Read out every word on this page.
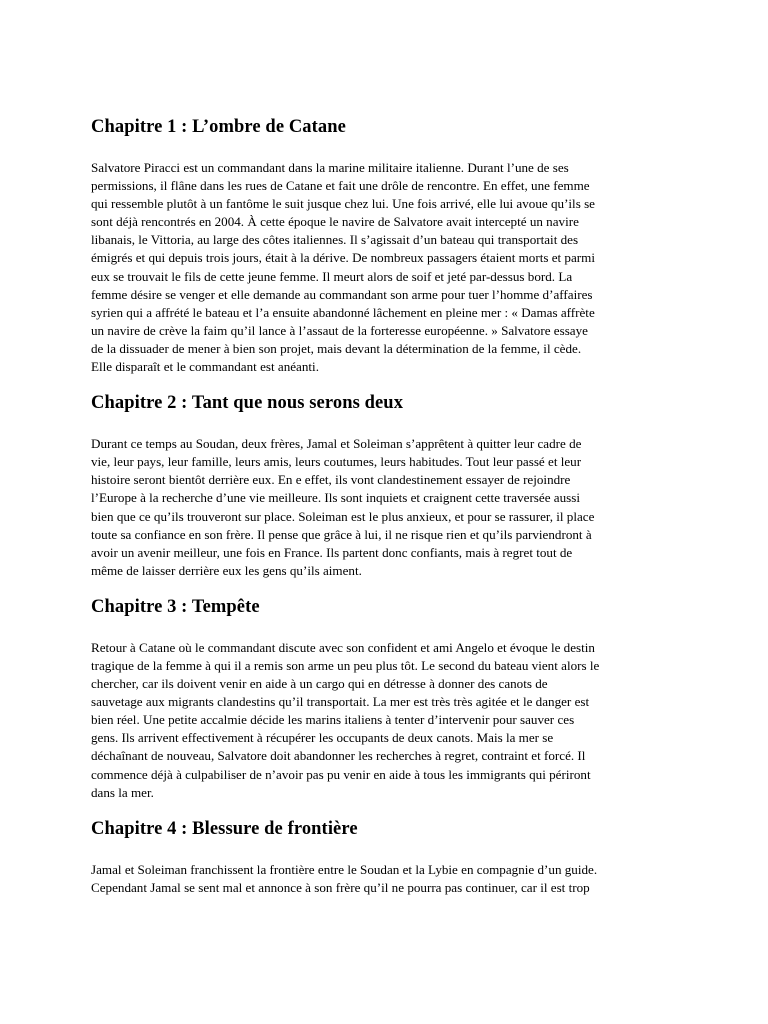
Chapitre 1 : L’ombre de Catane

Salvatore Piracci est un commandant dans la marine militaire italienne. Durant l’une de ses
permissions, il flâne dans les rues de Catane et fait une drôle de rencontre. En effet, une femme
qui ressemble plutôt à un fantôme le suit jusque chez lui. Une fois arrivé, elle lui avoue qu’ils se
sont déjà rencontrés en 2004. À cette époque le navire de Salvatore avait intercepté un navire
libanais, le Vittoria, au large des côtes italiennes. Il s’agissait d’un bateau qui transportait des
émigrés et qui depuis trois jours, était à la dérive. De nombreux passagers étaient morts et parmi
eux se trouvait le fils de cette jeune femme. Il meurt alors de soif et jeté par-dessus bord. La
femme désire se venger et elle demande au commandant son arme pour tuer l’homme d’affaires
syrien qui a affrété le bateau et l’a ensuite abandonné lâchement en pleine mer : « Damas affrète
un navire de crève la faim qu’il lance à l’assaut de la forteresse européenne. » Salvatore essaye
de la dissuader de mener à bien son projet, mais devant la détermination de la femme, il cède.
Elle disparaît et le commandant est anéanti.

Chapitre 2 : Tant que nous serons deux

Durant ce temps au Soudan, deux frères, Jamal et Soleiman s’apprêtent à quitter leur cadre de
vie, leur pays, leur famille, leurs amis, leurs coutumes, leurs habitudes. Tout leur passé et leur
histoire seront bientôt derrière eux. En e effet, ils vont clandestinement essayer de rejoindre
l’Europe à la recherche d’une vie meilleure. Ils sont inquiets et craignent cette traversée aussi
bien que ce qu’ils trouveront sur place. Soleiman est le plus anxieux, et pour se rassurer, il place
toute sa confiance en son frère. Il pense que grâce à lui, il ne risque rien et qu’ils parviendront à
avoir un avenir meilleur, une fois en France. Ils partent donc confiants, mais à regret tout de
même de laisser derrière eux les gens qu’ils aiment.

Chapitre 3 : Tempête

Retour à Catane où le commandant discute avec son confident et ami Angelo et évoque le destin
tragique de la femme à qui il a remis son arme un peu plus tôt. Le second du bateau vient alors le
chercher, car ils doivent venir en aide à un cargo qui en détresse à donner des canots de
sauvetage aux migrants clandestins qu’il transportait. La mer est très très agitée et le danger est
bien réel. Une petite accalmie décide les marins italiens à tenter d’intervenir pour sauver ces
gens. Ils arrivent effectivement à récupérer les occupants de deux canots. Mais la mer se
déchaînant de nouveau, Salvatore doit abandonner les recherches à regret, contraint et forcé. Il
commence déjà à culpabiliser de n’avoir pas pu venir en aide à tous les immigrants qui périront
dans la mer.

Chapitre 4 : Blessure de frontière

Jamal et Soleiman franchissent la frontière entre le Soudan et la Lybie en compagnie d’un guide.
Cependant Jamal se sent mal et annonce à son frère qu’il ne pourra pas continuer, car il est trop
